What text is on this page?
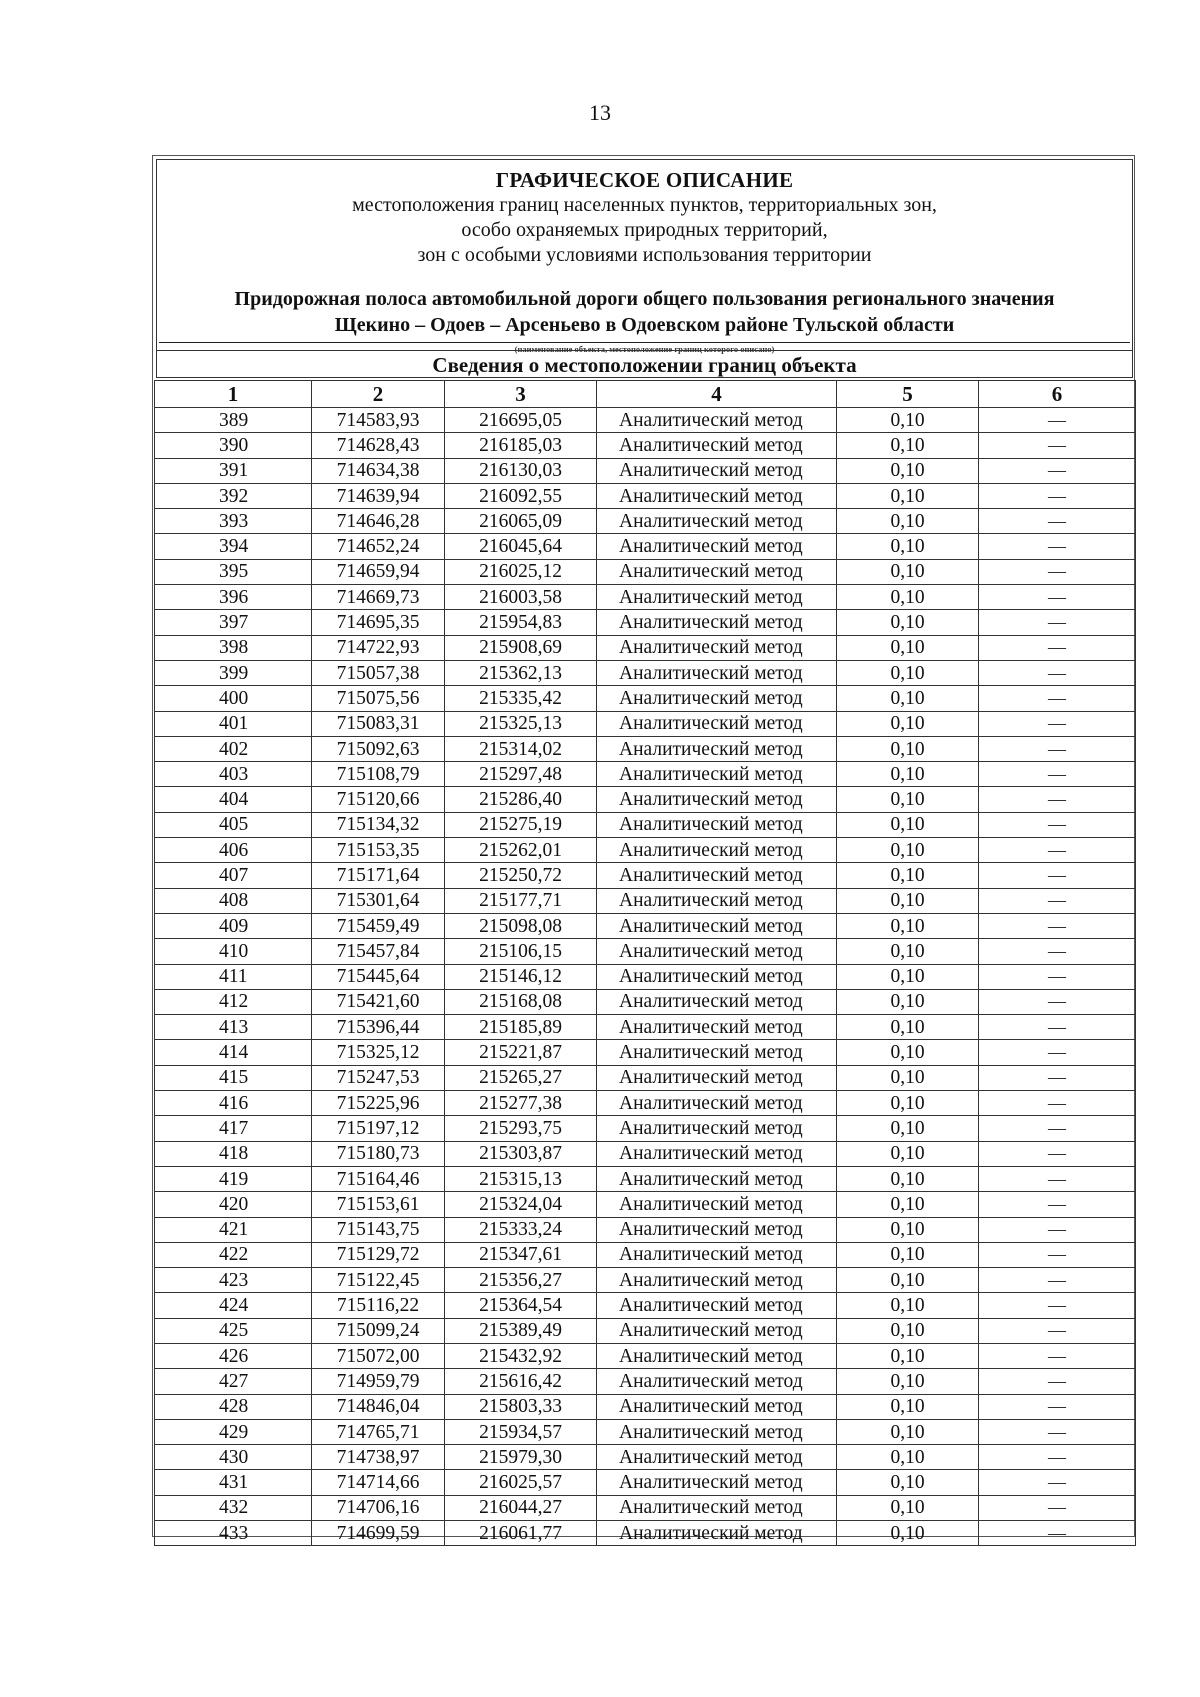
13
ГРАФИЧЕСКОЕ ОПИСАНИЕ
местоположения границ населенных пунктов, территориальных зон,
особо охраняемых природных территорий,
зон с особыми условиями использования территории
Придорожная полоса автомобильной дороги общего пользования регионального значения
Щекино – Одоев – Арсеньево в Одоевском районе Тульской области
(наименование объекта, местоположение границ которого описано)
Сведения о местоположении границ объекта
1	2	3	4	5	6
389	714583,93	216695,05	Аналитический метод	0,10	—
390	714628,43	216185,03	Аналитический метод	0,10	—
391	714634,38	216130,03	Аналитический метод	0,10	—
392	714639,94	216092,55	Аналитический метод	0,10	—
393	714646,28	216065,09	Аналитический метод	0,10	—
394	714652,24	216045,64	Аналитический метод	0,10	—
395	714659,94	216025,12	Аналитический метод	0,10	—
396	714669,73	216003,58	Аналитический метод	0,10	—
397	714695,35	215954,83	Аналитический метод	0,10	—
398	714722,93	215908,69	Аналитический метод	0,10	—
399	715057,38	215362,13	Аналитический метод	0,10	—
400	715075,56	215335,42	Аналитический метод	0,10	—
401	715083,31	215325,13	Аналитический метод	0,10	—
402	715092,63	215314,02	Аналитический метод	0,10	—
403	715108,79	215297,48	Аналитический метод	0,10	—
404	715120,66	215286,40	Аналитический метод	0,10	—
405	715134,32	215275,19	Аналитический метод	0,10	—
406	715153,35	215262,01	Аналитический метод	0,10	—
407	715171,64	215250,72	Аналитический метод	0,10	—
408	715301,64	215177,71	Аналитический метод	0,10	—
409	715459,49	215098,08	Аналитический метод	0,10	—
410	715457,84	215106,15	Аналитический метод	0,10	—
411	715445,64	215146,12	Аналитический метод	0,10	—
412	715421,60	215168,08	Аналитический метод	0,10	—
413	715396,44	215185,89	Аналитический метод	0,10	—
414	715325,12	215221,87	Аналитический метод	0,10	—
415	715247,53	215265,27	Аналитический метод	0,10	—
416	715225,96	215277,38	Аналитический метод	0,10	—
417	715197,12	215293,75	Аналитический метод	0,10	—
418	715180,73	215303,87	Аналитический метод	0,10	—
419	715164,46	215315,13	Аналитический метод	0,10	—
420	715153,61	215324,04	Аналитический метод	0,10	—
421	715143,75	215333,24	Аналитический метод	0,10	—
422	715129,72	215347,61	Аналитический метод	0,10	—
423	715122,45	215356,27	Аналитический метод	0,10	—
424	715116,22	215364,54	Аналитический метод	0,10	—
425	715099,24	215389,49	Аналитический метод	0,10	—
426	715072,00	215432,92	Аналитический метод	0,10	—
427	714959,79	215616,42	Аналитический метод	0,10	—
428	714846,04	215803,33	Аналитический метод	0,10	—
429	714765,71	215934,57	Аналитический метод	0,10	—
430	714738,97	215979,30	Аналитический метод	0,10	—
431	714714,66	216025,57	Аналитический метод	0,10	—
432	714706,16	216044,27	Аналитический метод	0,10	—
433	714699,59	216061,77	Аналитический метод	0,10	—
